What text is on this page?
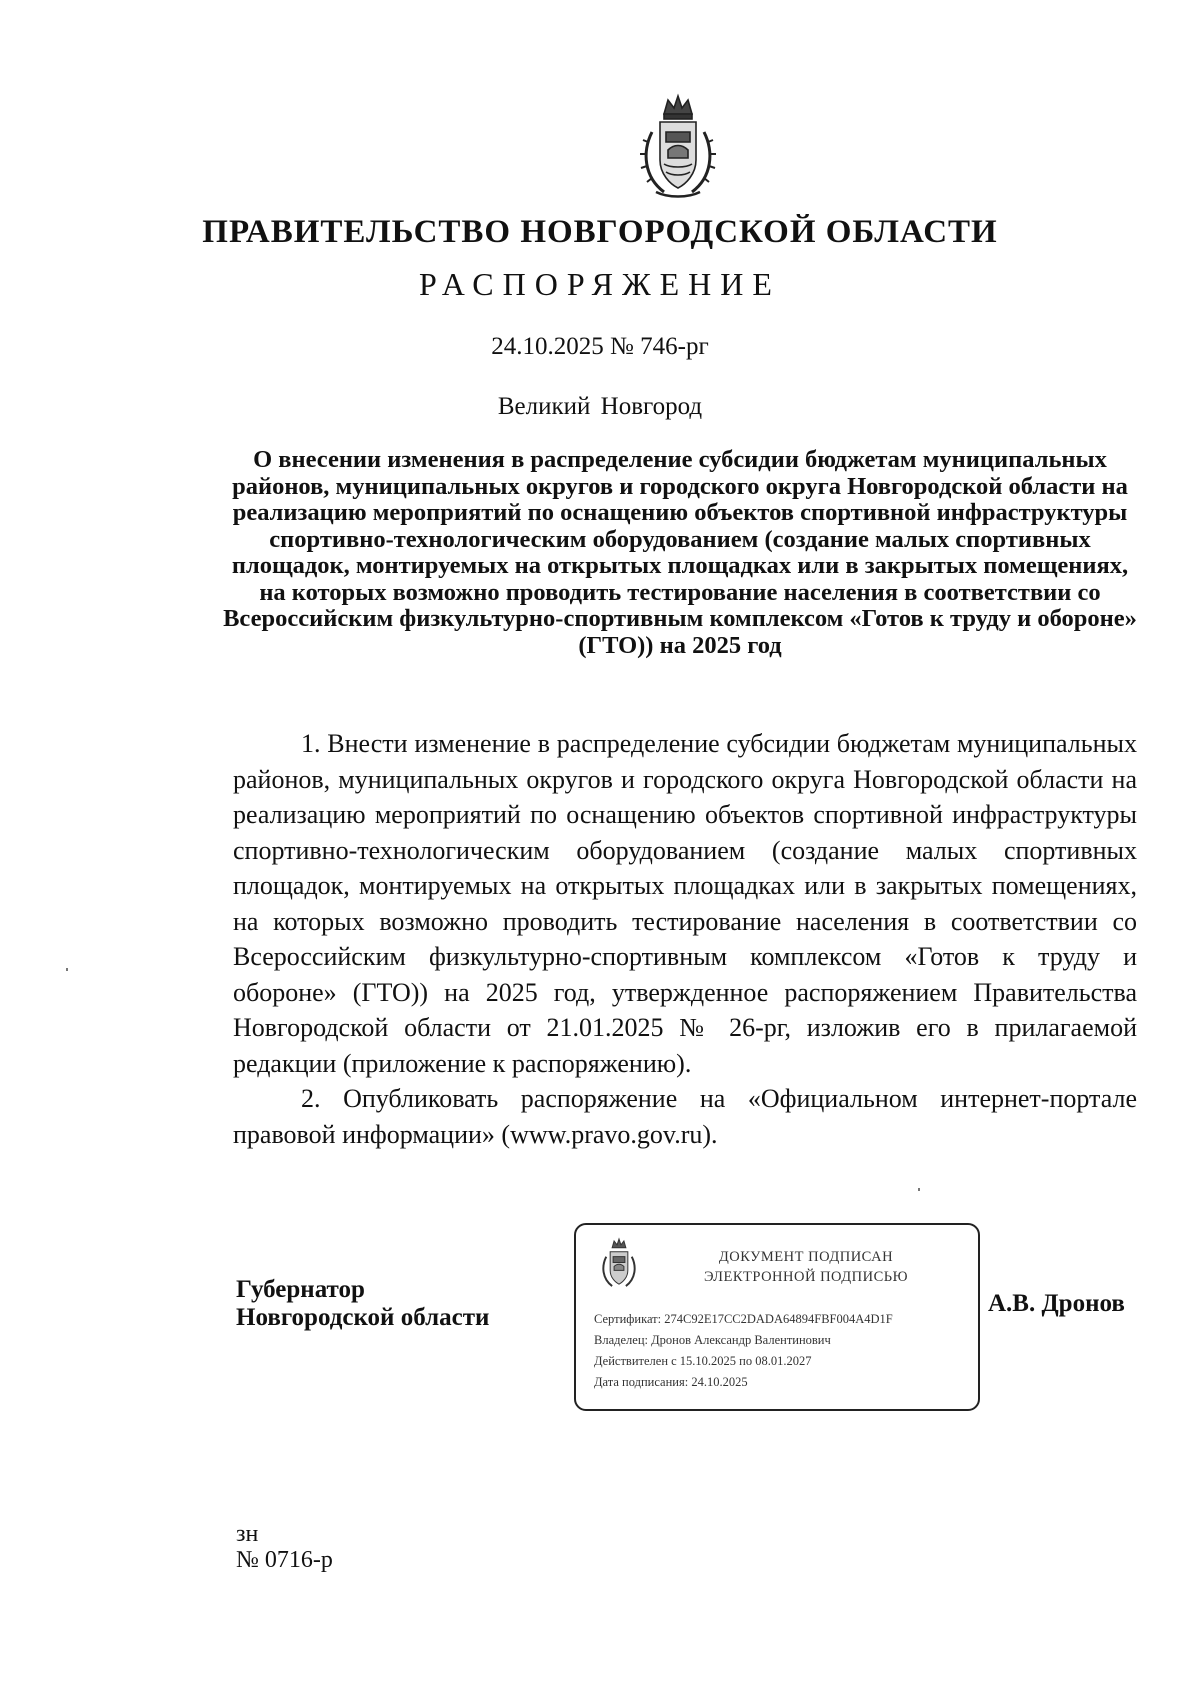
ПРАВИТЕЛЬСТВО НОВГОРОДСКОЙ ОБЛАСТИ
РАСПОРЯЖЕНИЕ
24.10.2025 № 746-рг
Великий Новгород
О внесении изменения в распределение субсидии бюджетам муниципальных районов, муниципальных округов и городского округа Новгородской области на реализацию мероприятий по оснащению объектов спортивной инфраструктуры спортивно-технологическим оборудованием (создание малых спортивных площадок, монтируемых на открытых площадках или в закрытых помещениях, на которых возможно проводить тестирование населения в соответствии со Всероссийским физкультурно-спортивным комплексом «Готов к труду и обороне» (ГТО)) на 2025 год

1. Внести изменение в распределение субсидии бюджетам муниципальных районов, муниципальных округов и городского округа Новгородской области на реализацию мероприятий по оснащению объектов спортивной инфраструктуры спортивно-технологическим оборудованием (создание малых спортивных площадок, монтируемых на открытых площадках или в закрытых помещениях, на которых возможно проводить тестирование населения в соответствии со Всероссийским физкультурно-спортивным комплексом «Готов к труду и обороне» (ГТО)) на 2025 год, утвержденное распоряжением Правительства Новгородской области от 21.01.2025 № 26-рг, изложив его в прилагаемой редакции (приложение к распоряжению).

2. Опубликовать распоряжение на «Официальном интернет-портале правовой информации» (www.pravo.gov.ru).

Губернатор
Новгородской области
ДОКУМЕНТ ПОДПИСАН
ЭЛЕКТРОННОЙ ПОДПИСЬЮ
Сертификат: 274C92E17CC2DADA64894FBF004A4D1F
Владелец: Дронов Александр Валентинович
Действителен с 15.10.2025 по 08.01.2027
Дата подписания: 24.10.2025
А.В. Дронов
зн
№ 0716-р
